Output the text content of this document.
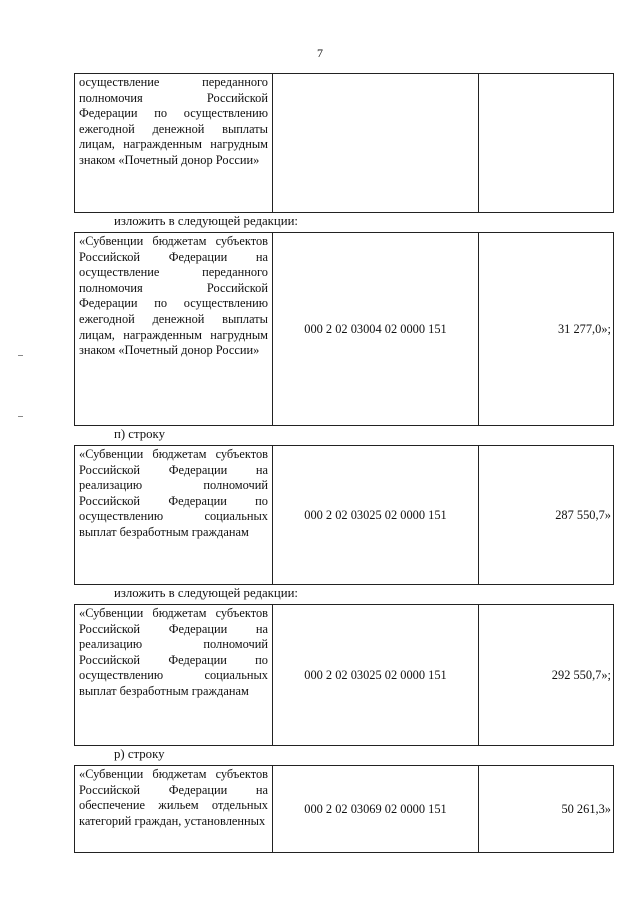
7
осуществление переданного полномочия Российской Федерации по осуществлению ежегодной денежной выплаты лицам, награжденным нагрудным знаком «Почетный донор России»
изложить в следующей редакции:
«Субвенции бюджетам субъектов Российской Федерации на осуществление переданного полномочия Российской Федерации по осуществлению ежегодной денежной выплаты лицам, награжденным нагрудным знаком «Почетный донор России»
000 2 02 03004 02 0000 151	31 277,0»;
п) строку
«Субвенции бюджетам субъектов Российской Федерации на реализацию полномочий Российской Федерации по осуществлению социальных выплат безработным гражданам
000 2 02 03025 02 0000 151	287 550,7»
изложить в следующей редакции:
«Субвенции бюджетам субъектов Российской Федерации на реализацию полномочий Российской Федерации по осуществлению социальных выплат безработным гражданам
000 2 02 03025 02 0000 151	292 550,7»;
р) строку
«Субвенции бюджетам субъектов Российской Федерации на обеспечение жильем отдельных категорий граждан, установленных
000 2 02 03069 02 0000 151	50 261,3»
